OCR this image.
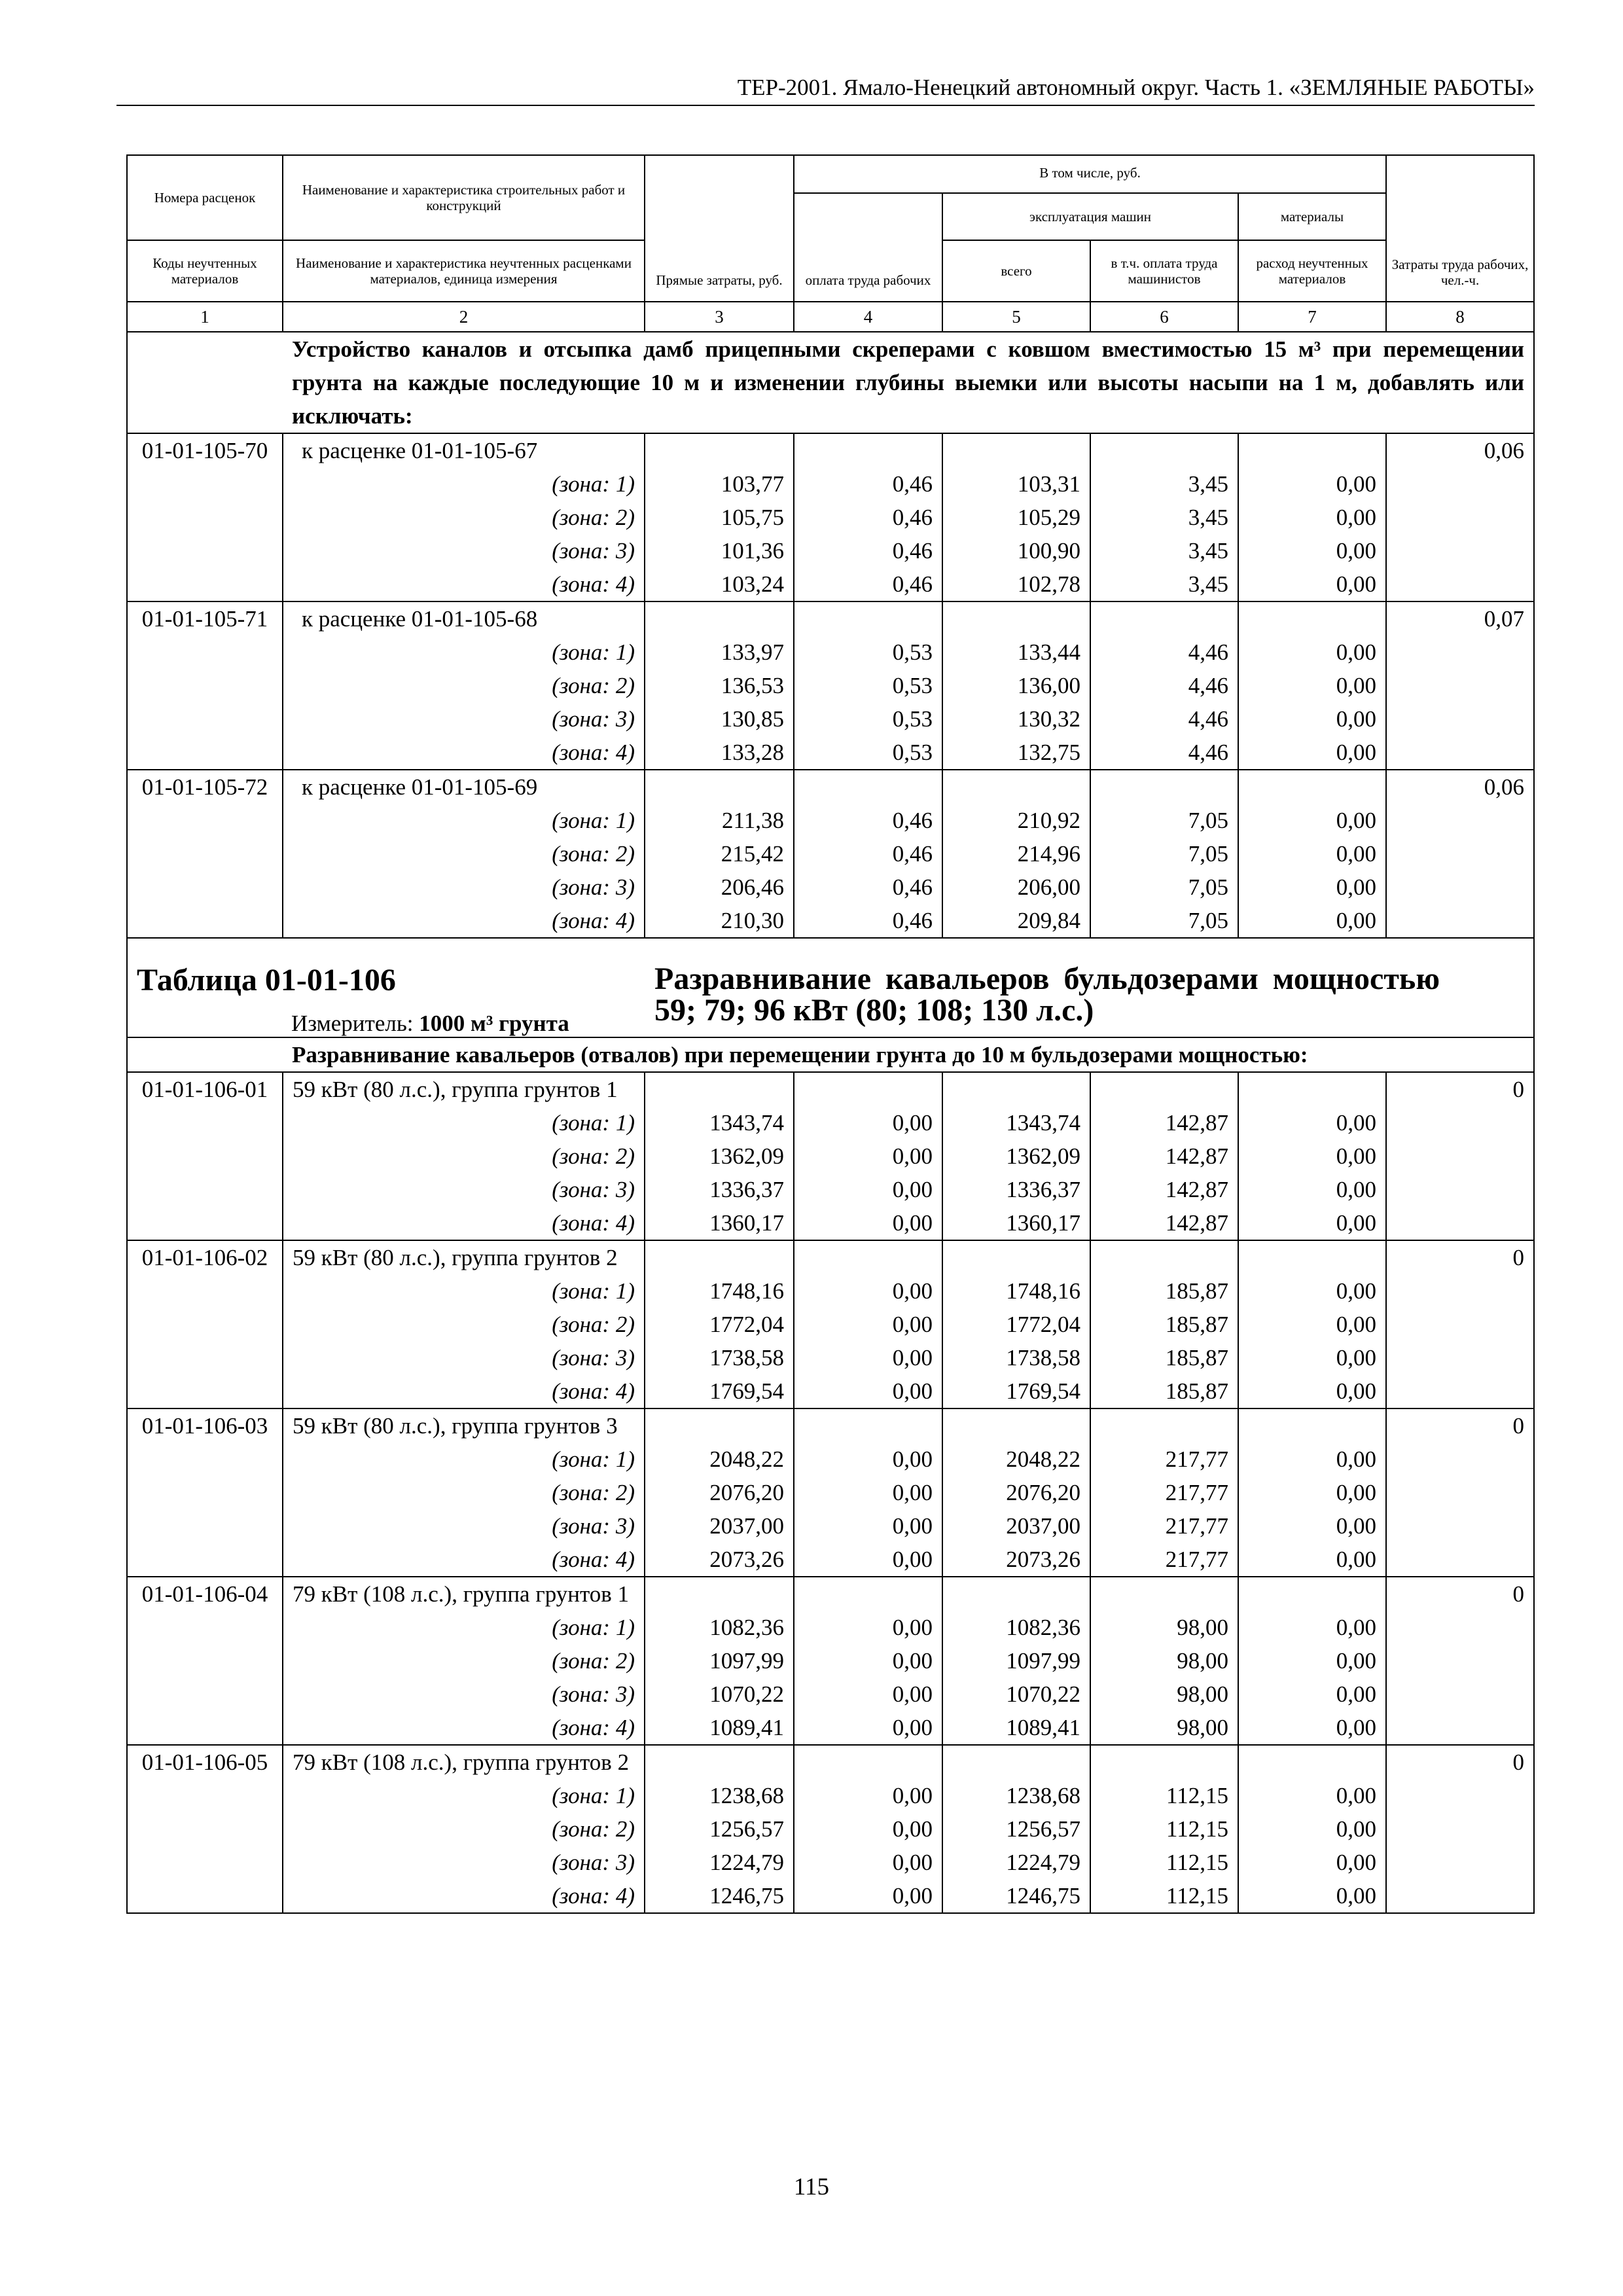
ТЕР-2001. Ямало-Ненецкий автономный округ. Часть 1. «ЗЕМЛЯНЫЕ РАБОТЫ»
Номера расценок	Наименование и характеристика строительных работ и конструкций	Прямые затраты, руб.	В том числе, руб.				Затраты труда рабочих, чел.-ч.
			оплата труда рабочих	эксплуатация машин		материалы	
Коды неучтенных материалов	Наименование и характеристика неучтенных расценками материалов, единица измерения			всего	в т.ч. оплата труда машинистов	расход неучтенных материалов	
1	2	3	4	5	6	7	8
	Устройство каналов и отсыпка дамб прицепными скреперами с ковшом вместимостью 15 м³ при перемещении грунта на каждые последующие 10 м и изменении глубины выемки или высоты насыпи на 1 м, добавлять или исключать:						
01-01-105-70	к расценке 01-01-105-67						0,06
	(зона: 1)	103,77	0,46	103,31	3,45	0,00	
	(зона: 2)	105,75	0,46	105,29	3,45	0,00	
	(зона: 3)	101,36	0,46	100,90	3,45	0,00	
	(зона: 4)	103,24	0,46	102,78	3,45	0,00	
01-01-105-71	к расценке 01-01-105-68						0,07
	(зона: 1)	133,97	0,53	133,44	4,46	0,00	
	(зона: 2)	136,53	0,53	136,00	4,46	0,00	
	(зона: 3)	130,85	0,53	130,32	4,46	0,00	
	(зона: 4)	133,28	0,53	132,75	4,46	0,00	
01-01-105-72	к расценке 01-01-105-69						0,06
	(зона: 1)	211,38	0,46	210,92	7,05	0,00	
	(зона: 2)	215,42	0,46	214,96	7,05	0,00	
	(зона: 3)	206,46	0,46	206,00	7,05	0,00	
	(зона: 4)	210,30	0,46	209,84	7,05	0,00	

Таблица 01-01-106 Разравнивание кавальеров бульдозерами мощностью 59; 79; 96 кВт (80; 108; 130 л.с.)
Измеритель: 1000 м³ грунта							

	Разравнивание кавальеров (отвалов) при перемещении грунта до 10 м бульдозерами мощностью:						
01-01-106-01	59 кВт (80 л.с.), группа грунтов 1						0
	(зона: 1)	1343,74	0,00	1343,74	142,87	0,00	
	(зона: 2)	1362,09	0,00	1362,09	142,87	0,00	
	(зона: 3)	1336,37	0,00	1336,37	142,87	0,00	
	(зона: 4)	1360,17	0,00	1360,17	142,87	0,00	
01-01-106-02	59 кВт (80 л.с.), группа грунтов 2						0
	(зона: 1)	1748,16	0,00	1748,16	185,87	0,00	
	(зона: 2)	1772,04	0,00	1772,04	185,87	0,00	
	(зона: 3)	1738,58	0,00	1738,58	185,87	0,00	
	(зона: 4)	1769,54	0,00	1769,54	185,87	0,00	
01-01-106-03	59 кВт (80 л.с.), группа грунтов 3						0
	(зона: 1)	2048,22	0,00	2048,22	217,77	0,00	
	(зона: 2)	2076,20	0,00	2076,20	217,77	0,00	
	(зона: 3)	2037,00	0,00	2037,00	217,77	0,00	
	(зона: 4)	2073,26	0,00	2073,26	217,77	0,00	
01-01-106-04	79 кВт (108 л.с.), группа грунтов 1						0
	(зона: 1)	1082,36	0,00	1082,36	98,00	0,00	
	(зона: 2)	1097,99	0,00	1097,99	98,00	0,00	
	(зона: 3)	1070,22	0,00	1070,22	98,00	0,00	
	(зона: 4)	1089,41	0,00	1089,41	98,00	0,00	
01-01-106-05	79 кВт (108 л.с.), группа грунтов 2						0
	(зона: 1)	1238,68	0,00	1238,68	112,15	0,00	
	(зона: 2)	1256,57	0,00	1256,57	112,15	0,00	
	(зона: 3)	1224,79	0,00	1224,79	112,15	0,00	
	(зона: 4)	1246,75	0,00	1246,75	112,15	0,00	
115
